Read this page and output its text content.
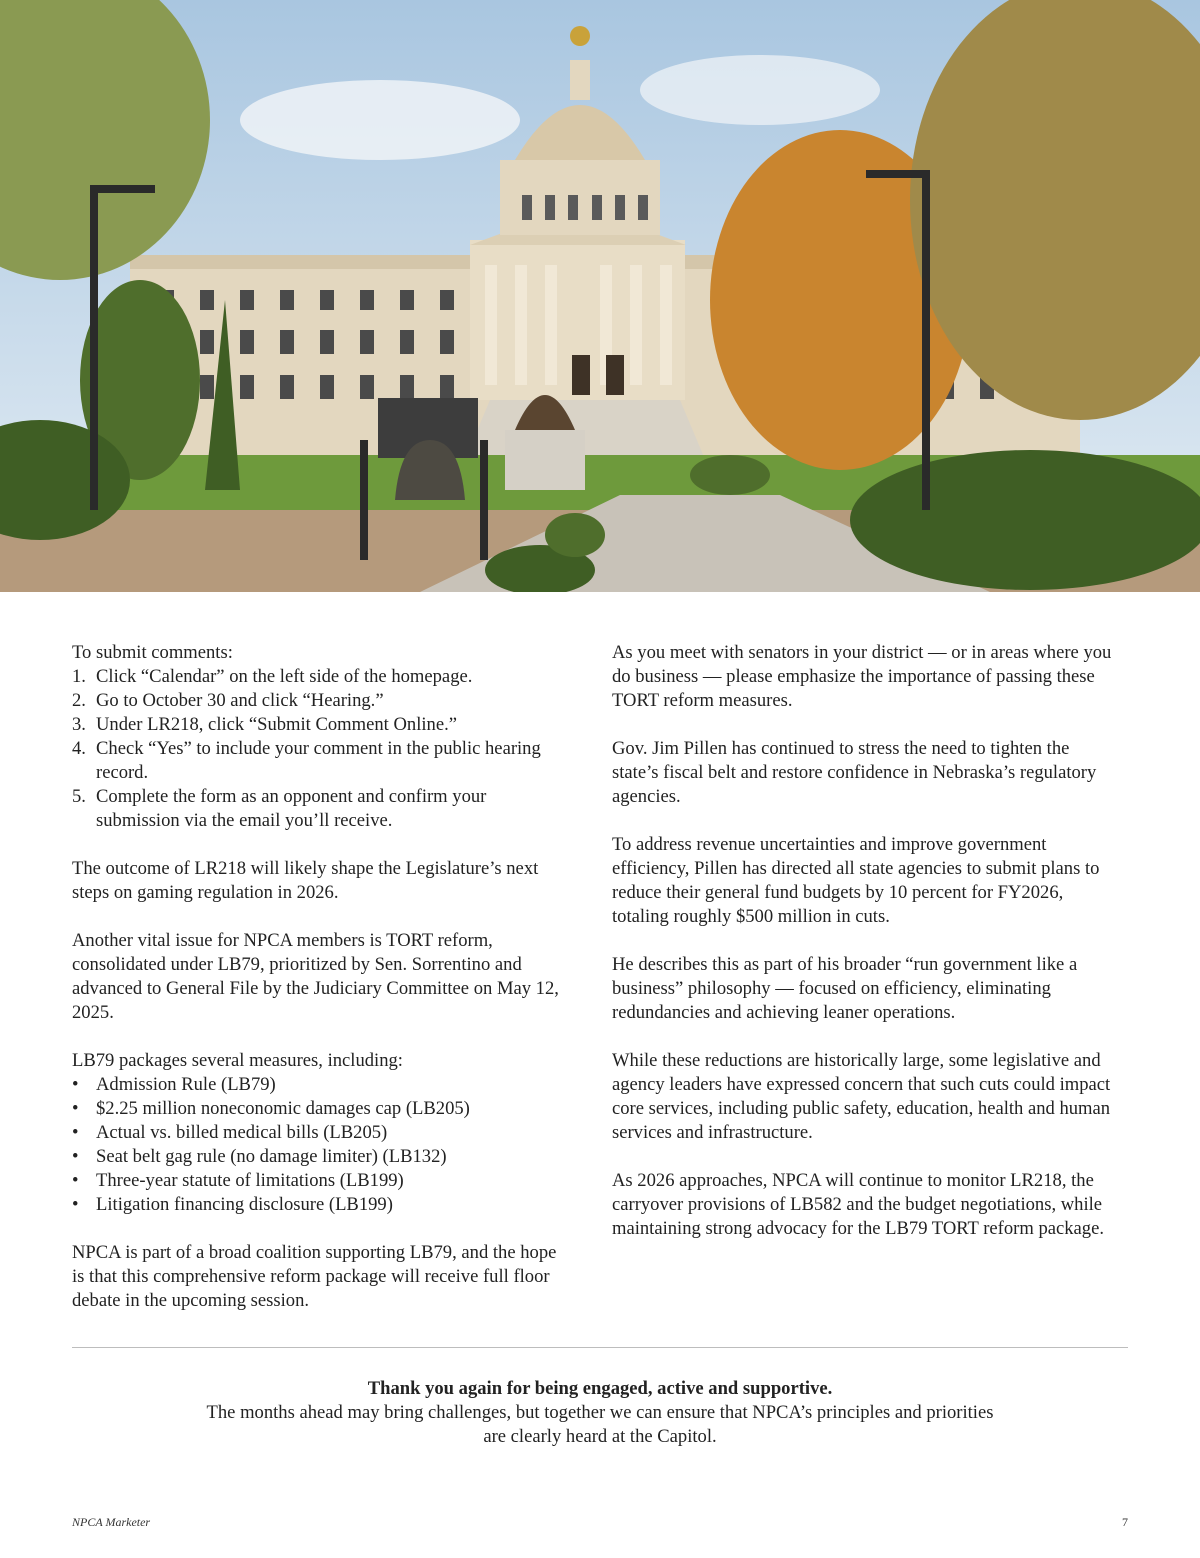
To submit comments:

1. Click “Calendar” on the left side of the homepage.
2. Go to October 30 and click “Hearing.”
3. Under LR218, click “Submit Comment Online.”
4. Check “Yes” to include your comment in the public hearing record.
5. Complete the form as an opponent and confirm your submission via the email you’ll receive.

The outcome of LR218 will likely shape the Legislature’s next steps on gaming regulation in 2026.

Another vital issue for NPCA members is TORT reform, consolidated under LB79, prioritized by Sen. Sorrentino and advanced to General File by the Judiciary Committee on May 12, 2025.

LB79 packages several measures, including:

• Admission Rule (LB79)
• $2.25 million noneconomic damages cap (LB205)
• Actual vs. billed medical bills (LB205)
• Seat belt gag rule (no damage limiter) (LB132)
• Three-year statute of limitations (LB199)
• Litigation financing disclosure (LB199)

NPCA is part of a broad coalition supporting LB79, and the hope is that this comprehensive reform package will receive full floor debate in the upcoming session.

As you meet with senators in your district — or in areas where you do business — please emphasize the importance of passing these TORT reform measures.

Gov. Jim Pillen has continued to stress the need to tighten the state’s fiscal belt and restore confidence in Nebraska’s regulatory agencies.

To address revenue uncertainties and improve government efficiency, Pillen has directed all state agencies to submit plans to reduce their general fund budgets by 10 percent for FY2026, totaling roughly $500 million in cuts.

He describes this as part of his broader “run government like a business” philosophy — focused on efficiency, eliminating redundancies and achieving leaner operations.

While these reductions are historically large, some legislative and agency leaders have expressed concern that such cuts could impact core services, including public safety, education, health and human services and infrastructure.

As 2026 approaches, NPCA will continue to monitor LR218, the carryover provisions of LB582 and the budget negotiations, while maintaining strong advocacy for the LB79 TORT reform package.

Thank you again for being engaged, active and supportive.
The months ahead may bring challenges, but together we can ensure that NPCA’s principles and priorities
are clearly heard at the Capitol.
NPCA Marketer	7
